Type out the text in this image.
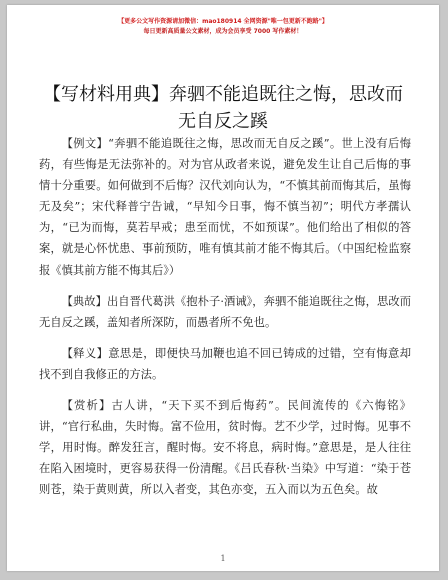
【更多公文写作资源请加微信：mao180914 全网资源"唯一包更新不跑路"】
每日更新高质量公文素材，成为会员享受 7000 写作素材！
【写材料用典】奔驷不能追既往之悔，思改而无自反之蹊

【例文】“奔驷不能追既往之悔，思改而无自反之蹊”。世上没有后悔药，有些悔是无法弥补的。对为官从政者来说，避免发生让自己后悔的事情十分重要。如何做到不后悔？汉代刘向认为，“不慎其前而悔其后，虽悔无及矣”；宋代释普宁告诫，“早知今日事，悔不慎当初”；明代方孝孺认为，“已为而悔，莫若早戒；患至而忧，不如预谋”。他们给出了相似的答案，就是心怀忧患、事前预防，唯有慎其前才能不悔其后。（中国纪检监察报《慎其前方能不悔其后》）

【典故】出自晋代葛洪《抱朴子·酒诫》，奔驷不能追既往之悔，思改而无自反之蹊，盖知者所深防，而愚者所不免也。

【释义】意思是，即便快马加鞭也追不回已铸成的过错，空有悔意却找不到自我修正的方法。

【赏析】古人讲，“天下买不到后悔药”。民间流传的《六悔铭》讲，“官行私曲，失时悔。富不俭用，贫时悔。艺不少学，过时悔。见事不学，用时悔。醉发狂言，醒时悔。安不将息，病时悔。”意思是，是人往往在陷入困境时，更容易获得一份清醒。《吕氏春秋·当染》中写道：“染于苍则苍，染于黄则黄，所以入者变，其色亦变，五入而以为五色矣。故

1
